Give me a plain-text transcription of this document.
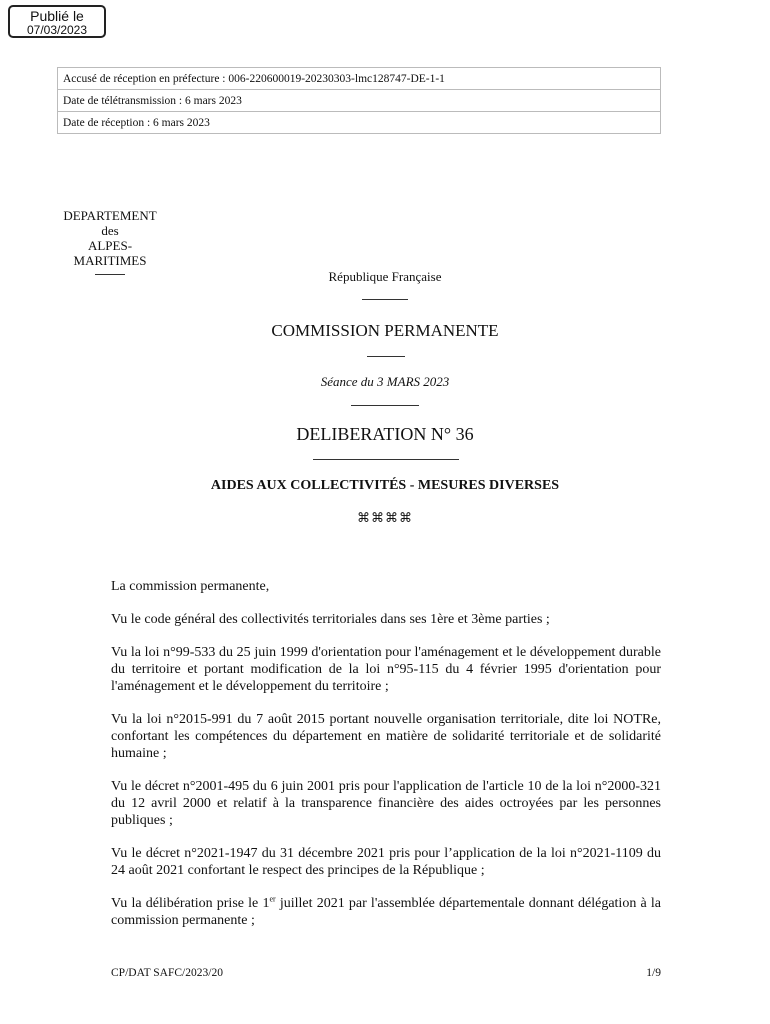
Publié le
07/03/2023
Accusé de réception en préfecture : 006-220600019-20230303-lmc128747-DE-1-1
Date de télétransmission : 6 mars 2023
Date de réception : 6 mars 2023
DEPARTEMENT
des
ALPES-MARITIMES
République Française
COMMISSION PERMANENTE
Séance du 3 MARS 2023
DELIBERATION N° 36
AIDES AUX COLLECTIVITÉS - MESURES DIVERSES
⌘⌘⌘⌘

La commission permanente,

Vu le code général des collectivités territoriales dans ses 1ère et 3ème parties ;

Vu la loi n°99-533 du 25 juin 1999 d'orientation pour l'aménagement et le développement durable du territoire et portant modification de la loi n°95-115 du 4 février 1995 d'orientation pour l'aménagement et le développement du territoire ;

Vu la loi n°2015-991 du 7 août 2015 portant nouvelle organisation territoriale, dite loi NOTRe, confortant les compétences du département en matière de solidarité territoriale et de solidarité humaine ;

Vu le décret n°2001-495 du 6 juin 2001 pris pour l'application de l'article 10 de la loi n°2000-321 du 12 avril 2000 et relatif à la transparence financière des aides octroyées par les personnes publiques ;

Vu le décret n°2021-1947 du 31 décembre 2021 pris pour l’application de la loi n°2021-1109 du 24 août 2021 confortant le respect des principes de la République ;

Vu la délibération prise le 1er juillet 2021 par l'assemblée départementale donnant délégation à la commission permanente ;

CP/DAT SAFC/2023/20	1/9
